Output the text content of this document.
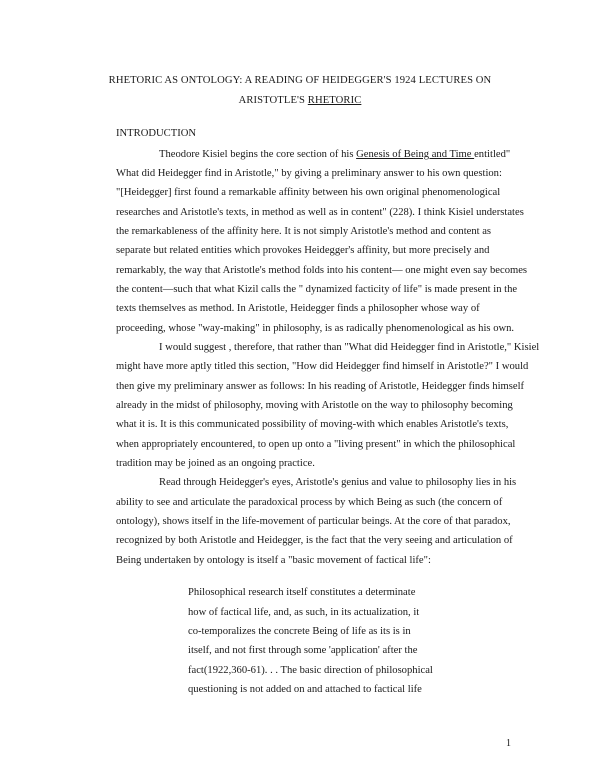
RHETORIC AS ONTOLOGY: A READING OF HEIDEGGER'S 1924 LECTURES ON
ARISTOTLE'S RHETORIC
INTRODUCTION
Theodore Kisiel begins the core section of his Genesis of Being and Time entitled"
What did Heidegger find in Aristotle," by giving a preliminary answer to his own question:
"[Heidegger] first found a remarkable affinity between his own original phenomenological
researches and Aristotle's texts, in method as well as in content" (228). I think Kisiel understates
the remarkableness of the affinity here. It is not simply Aristotle's method and content as
separate but related entities which provokes Heidegger's affinity, but more precisely and
remarkably, the way that Aristotle's method folds into his content— one might even say becomes
the content—such that what Kizil calls the " dynamized facticity of life" is made present in the
texts themselves as method. In Aristotle, Heidegger finds a philosopher whose way of
proceeding, whose "way-making" in philosophy, is as radically phenomenological as his own.
I would suggest , therefore, that rather than "What did Heidegger find in Aristotle," Kisiel
might have more aptly titled this section, "How did Heidegger find himself in Aristotle?" I would
then give my preliminary answer as follows: In his reading of Aristotle, Heidegger finds himself
already in the midst of philosophy, moving with Aristotle on the way to philosophy becoming
what it is. It is this communicated possibility of moving-with which enables Aristotle's texts,
when appropriately encountered, to open up onto a "living present" in which the philosophical
tradition may be joined as an ongoing practice.
Read through Heidegger's eyes, Aristotle's genius and value to philosophy lies in his
ability to see and articulate the paradoxical process by which Being as such (the concern of
ontology), shows itself in the life-movement of particular beings. At the core of that paradox,
recognized by both Aristotle and Heidegger, is the fact that the very seeing and articulation of
Being undertaken by ontology is itself a "basic movement of factical life":
Philosophical research itself constitutes a determinate
how of factical life, and, as such, in its actualization, it
co-temporalizes the concrete Being of life as its is in
itself, and not first through some 'application' after the
fact(1922,360-61). . . The basic direction of philosophical
questioning is not added on and attached to factical life
1
